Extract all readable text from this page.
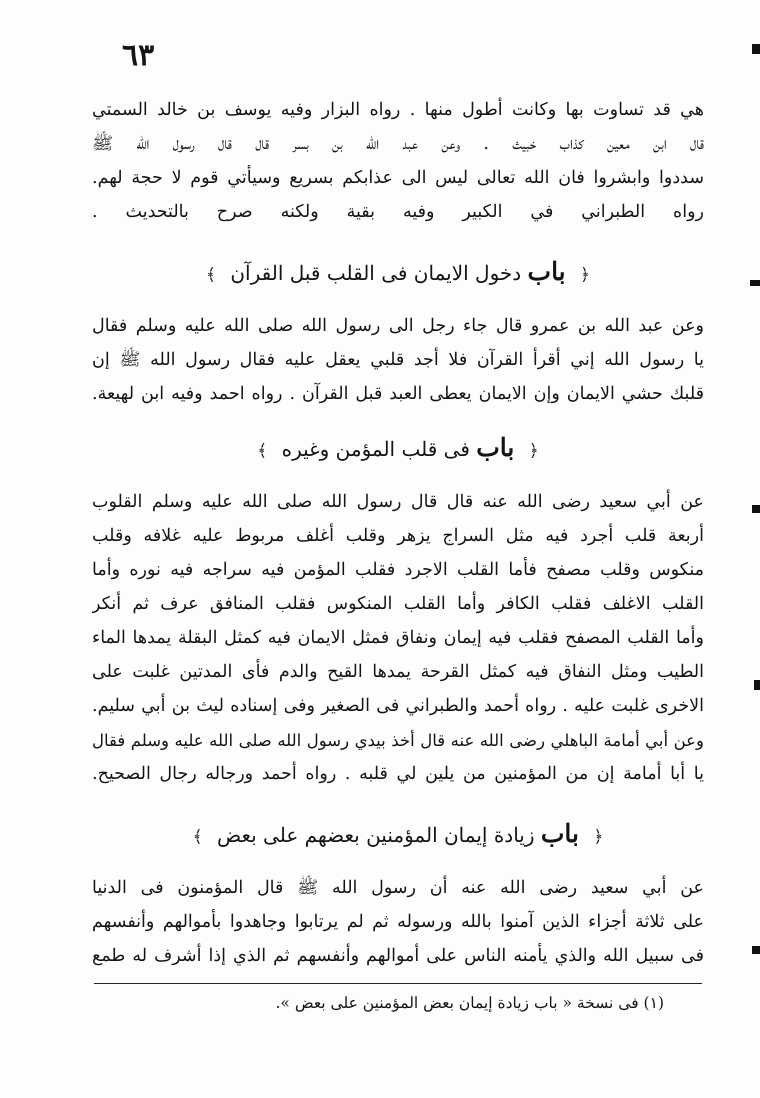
٦٣
هي قد تساوت بها وكانت أطول منها . رواه البزار وفيه يوسف بن خالد السمتي
قال ابن معين كذاب خبيث . وعن عبد الله بن بسر قال قال رسول الله ﷺ
سددوا وابشروا فان الله تعالى ليس الى عذابكم بسريع وسيأتي قوم لا حجة لهم.
رواه الطبراني في الكبير وفيه بقية ولكنه صرح بالتحديث .
﴿ باب دخول الايمان فى القلب قبل القرآن ﴾
وعن عبد الله بن عمرو قال جاء رجل الى رسول الله صلى الله عليه وسلم فقال
يا رسول الله إني أقرأ القرآن فلا أجد قلبي يعقل عليه فقال رسول الله ﷺ إن
قلبك حشي الايمان وإن الايمان يعطى العبد قبل القرآن . رواه احمد وفيه ابن لهيعة.
﴿ باب فى قلب المؤمن وغيره ﴾
عن أبي سعيد رضى الله عنه قال قال رسول الله صلى الله عليه وسلم القلوب
أربعة قلب أجرد فيه مثل السراج يزهر وقلب أغلف مربوط عليه غلافه وقلب
منكوس وقلب مصفح فأما القلب الاجرد فقلب المؤمن فيه سراجه فيه نوره وأما
القلب الاغلف فقلب الكافر وأما القلب المنكوس فقلب المنافق عرف ثم أنكر
وأما القلب المصفح فقلب فيه إيمان ونفاق فمثل الايمان فيه كمثل البقلة يمدها الماء
الطيب ومثل النفاق فيه كمثل القرحة يمدها القيح والدم فأى المدتين غلبت على
الاخرى غلبت عليه . رواه أحمد والطبراني فى الصغير وفى إسناده ليث بن أبي سليم.
وعن أبي أمامة الباهلي رضى الله عنه قال أخذ بيدي رسول الله صلى الله عليه وسلم فقال
يا أبا أمامة إن من المؤمنين من يلين لي قلبه . رواه أحمد ورجاله رجال الصحيح.
﴿ باب زيادة إيمان المؤمنين بعضهم على بعض ﴾
عن أبي سعيد رضى الله عنه أن رسول الله ﷺ قال المؤمنون فى الدنيا
على ثلاثة أجزاء الذين آمنوا بالله ورسوله ثم لم يرتابوا وجاهدوا بأموالهم وأنفسهم
فى سبيل الله والذي يأمنه الناس على أموالهم وأنفسهم ثم الذي إذا أشرف له طمع
(١) فى نسخة « باب زيادة إيمان بعض المؤمنين على بعض ».
